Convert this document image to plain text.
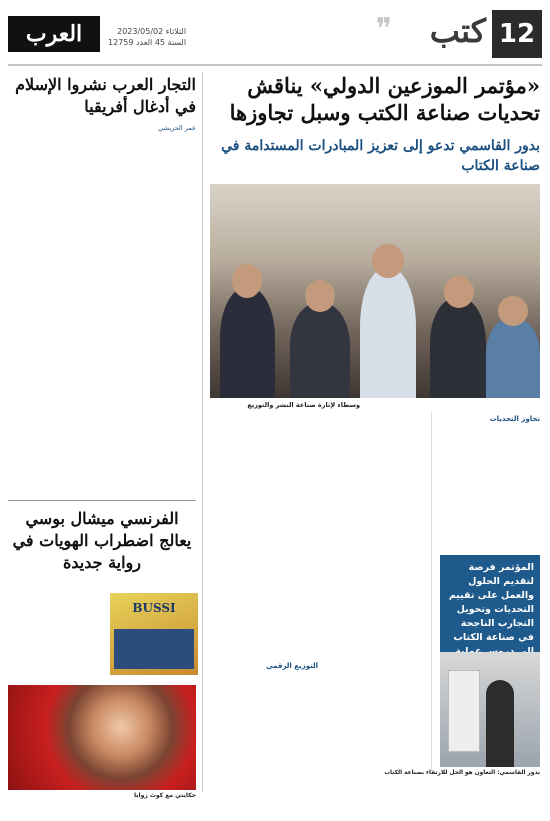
12
كتب
❞
الثلاثاء 2023/05/02
السنة 45 العدد 12759
العرب
«مؤتمر الموزعين الدولي» يناقش تحديات صناعة الكتب وسبل تجاوزها
بدور القاسمي تدعو إلى تعزيز المبادرات المستدامة في صناعة الكتاب
وسطاء لإثارة صناعة النشر والتوزيع
تجاوز التحديات
التوزيع الرقمي
المؤتمر فرصة لتقديم الحلول والعمل على تقييم التحديات وتحويل التجارب الناجحة في صناعة الكتاب
بدور القاسمي: التعاون هو الحل للارتقاء بصناعة الكتاب
التجار العرب نشروا الإسلام في أدغال أفريقيا
عمر الحريشي
الفرنسي ميشال بوسي يعالج اضطراب الهويات في رواية جديدة
BUSSI
حكايتي مع كوث زوايا
